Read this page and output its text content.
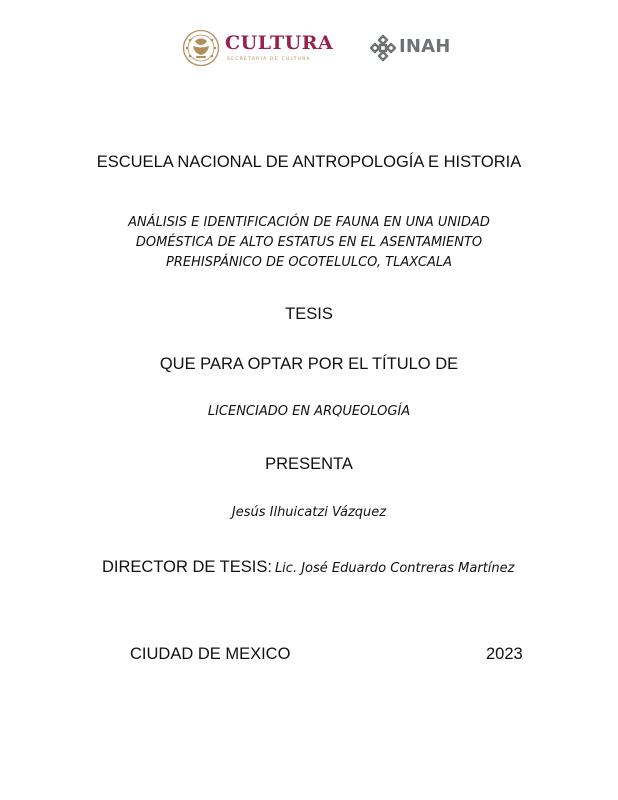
CULTURA
SECRETARÍA DE CULTURA
INAH
ESCUELA NACIONAL DE ANTROPOLOGÍA E HISTORIA
ANÁLISIS E IDENTIFICACIÓN DE FAUNA EN UNA UNIDAD
DOMÉSTICA DE ALTO ESTATUS EN EL ASENTAMIENTO
PREHISPÁNICO DE OCOTELULCO, TLAXCALA
TESIS
QUE PARA OPTAR POR EL TÍTULO DE
LICENCIADO EN ARQUEOLOGÍA
PRESENTA
Jesús Ilhuicatzi Vázquez
DIRECTOR DE TESIS: Lic. José Eduardo Contreras Martínez
CIUDAD DE MEXICO	2023
